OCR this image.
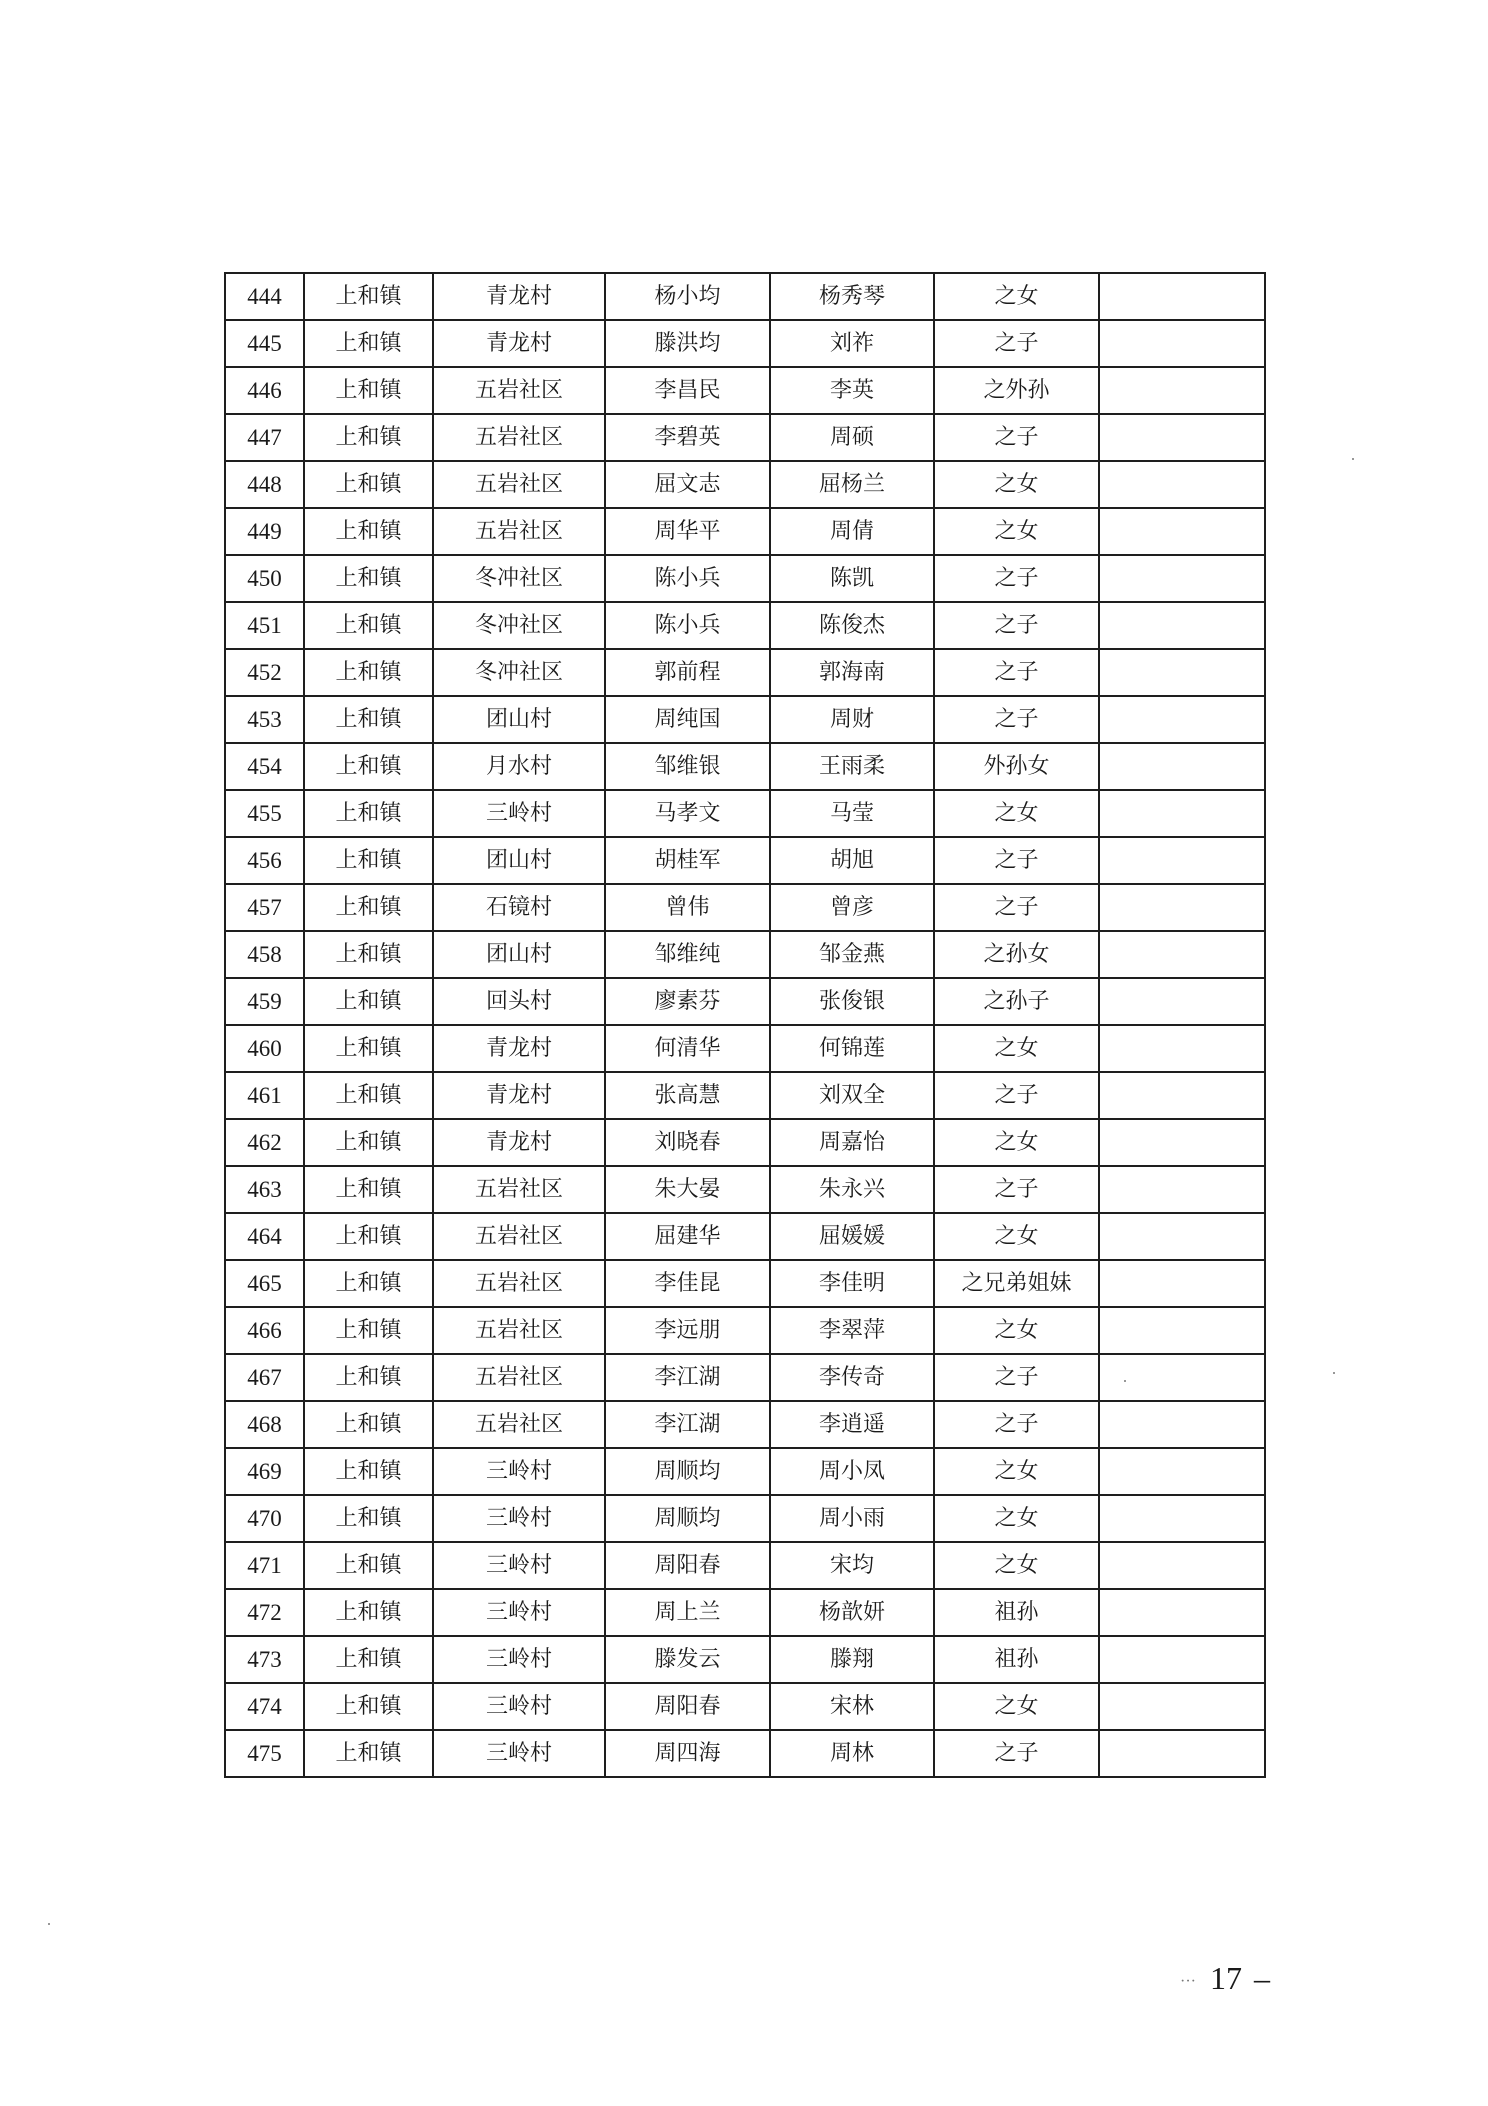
444	上和镇	青龙村	杨小均	杨秀琴	之女	
445	上和镇	青龙村	滕洪均	刘祚	之子	
446	上和镇	五岩社区	李昌民	李英	之外孙	
447	上和镇	五岩社区	李碧英	周硕	之子	
448	上和镇	五岩社区	屈文志	屈杨兰	之女	
449	上和镇	五岩社区	周华平	周倩	之女	
450	上和镇	冬冲社区	陈小兵	陈凯	之子	
451	上和镇	冬冲社区	陈小兵	陈俊杰	之子	
452	上和镇	冬冲社区	郭前程	郭海南	之子	
453	上和镇	团山村	周纯国	周财	之子	
454	上和镇	月水村	邹维银	王雨柔	外孙女	
455	上和镇	三岭村	马孝文	马莹	之女	
456	上和镇	团山村	胡桂军	胡旭	之子	
457	上和镇	石镜村	曾伟	曾彦	之子	
458	上和镇	团山村	邹维纯	邹金燕	之孙女	
459	上和镇	回头村	廖素芬	张俊银	之孙子	
460	上和镇	青龙村	何清华	何锦莲	之女	
461	上和镇	青龙村	张高慧	刘双全	之子	
462	上和镇	青龙村	刘晓春	周嘉怡	之女	
463	上和镇	五岩社区	朱大晏	朱永兴	之子	
464	上和镇	五岩社区	屈建华	屈媛媛	之女	
465	上和镇	五岩社区	李佳昆	李佳明	之兄弟姐妹	
466	上和镇	五岩社区	李远朋	李翠萍	之女	
467	上和镇	五岩社区	李江湖	李传奇	之子	
468	上和镇	五岩社区	李江湖	李逍遥	之子	
469	上和镇	三岭村	周顺均	周小凤	之女	
470	上和镇	三岭村	周顺均	周小雨	之女	
471	上和镇	三岭村	周阳春	宋均	之女	
472	上和镇	三岭村	周上兰	杨歆妍	祖孙	
473	上和镇	三岭村	滕发云	滕翔	祖孙	
474	上和镇	三岭村	周阳春	宋林	之女	
475	上和镇	三岭村	周四海	周林	之子	
··· 17 –
